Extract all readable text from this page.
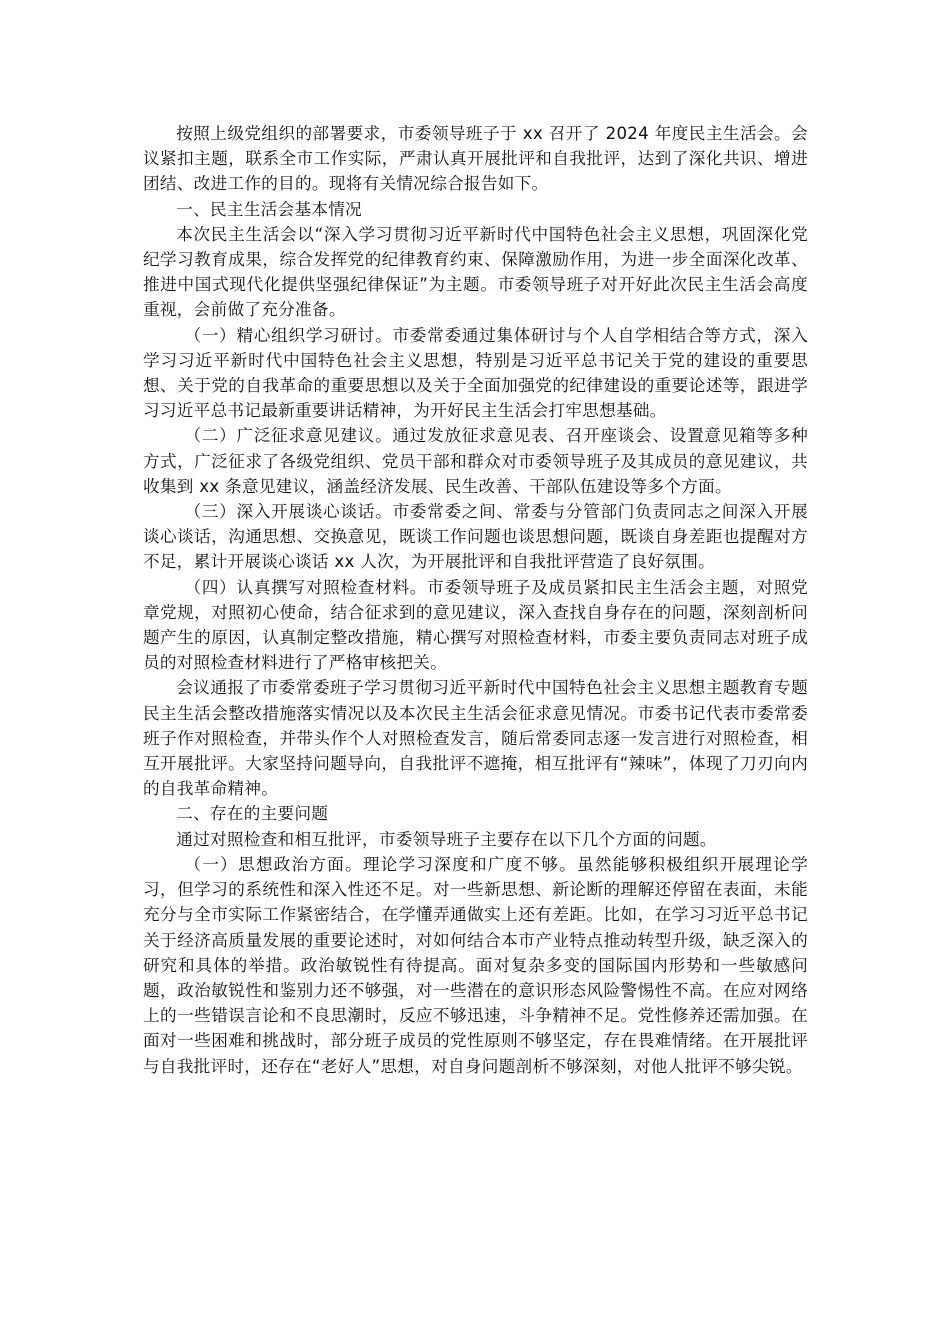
按照上级党组织的部署要求，市委领导班子于 xx 召开了 2024 年度民主生活会。会议紧扣主题，联系全市工作实际，严肃认真开展批评和自我批评，达到了深化共识、增进团结、改进工作的目的。现将有关情况综合报告如下。

一、民主生活会基本情况

本次民主生活会以“深入学习贯彻习近平新时代中国特色社会主义思想，巩固深化党纪学习教育成果，综合发挥党的纪律教育约束、保障激励作用，为进一步全面深化改革、推进中国式现代化提供坚强纪律保证”为主题。市委领导班子对开好此次民主生活会高度重视，会前做了充分准备。

（一）精心组织学习研讨。市委常委通过集体研讨与个人自学相结合等方式，深入学习习近平新时代中国特色社会主义思想，特别是习近平总书记关于党的建设的重要思想、关于党的自我革命的重要思想以及关于全面加强党的纪律建设的重要论述等，跟进学习习近平总书记最新重要讲话精神，为开好民主生活会打牢思想基础。

（二）广泛征求意见建议。通过发放征求意见表、召开座谈会、设置意见箱等多种方式，广泛征求了各级党组织、党员干部和群众对市委领导班子及其成员的意见建议，共收集到 xx 条意见建议，涵盖经济发展、民生改善、干部队伍建设等多个方面。

（三）深入开展谈心谈话。市委常委之间、常委与分管部门负责同志之间深入开展谈心谈话，沟通思想、交换意见，既谈工作问题也谈思想问题，既谈自身差距也提醒对方不足，累计开展谈心谈话 xx 人次，为开展批评和自我批评营造了良好氛围。

（四）认真撰写对照检查材料。市委领导班子及成员紧扣民主生活会主题，对照党章党规，对照初心使命，结合征求到的意见建议，深入查找自身存在的问题，深刻剖析问题产生的原因，认真制定整改措施，精心撰写对照检查材料，市委主要负责同志对班子成员的对照检查材料进行了严格审核把关。

会议通报了市委常委班子学习贯彻习近平新时代中国特色社会主义思想主题教育专题民主生活会整改措施落实情况以及本次民主生活会征求意见情况。市委书记代表市委常委班子作对照检查，并带头作个人对照检查发言，随后常委同志逐一发言进行对照检查，相互开展批评。大家坚持问题导向，自我批评不遮掩，相互批评有“辣味”，体现了刀刃向内的自我革命精神。

二、存在的主要问题

通过对照检查和相互批评，市委领导班子主要存在以下几个方面的问题。

（一）思想政治方面。理论学习深度和广度不够。虽然能够积极组织开展理论学习，但学习的系统性和深入性还不足。对一些新思想、新论断的理解还停留在表面，未能充分与全市实际工作紧密结合，在学懂弄通做实上还有差距。比如，在学习习近平总书记关于经济高质量发展的重要论述时，对如何结合本市产业特点推动转型升级，缺乏深入的研究和具体的举措。政治敏锐性有待提高。面对复杂多变的国际国内形势和一些敏感问题，政治敏锐性和鉴别力还不够强，对一些潜在的意识形态风险警惕性不高。在应对网络上的一些错误言论和不良思潮时，反应不够迅速，斗争精神不足。党性修养还需加强。在面对一些困难和挑战时，部分班子成员的党性原则不够坚定，存在畏难情绪。在开展批评与自我批评时，还存在“老好人”思想，对自身问题剖析不够深刻，对他人批评不够尖锐。
